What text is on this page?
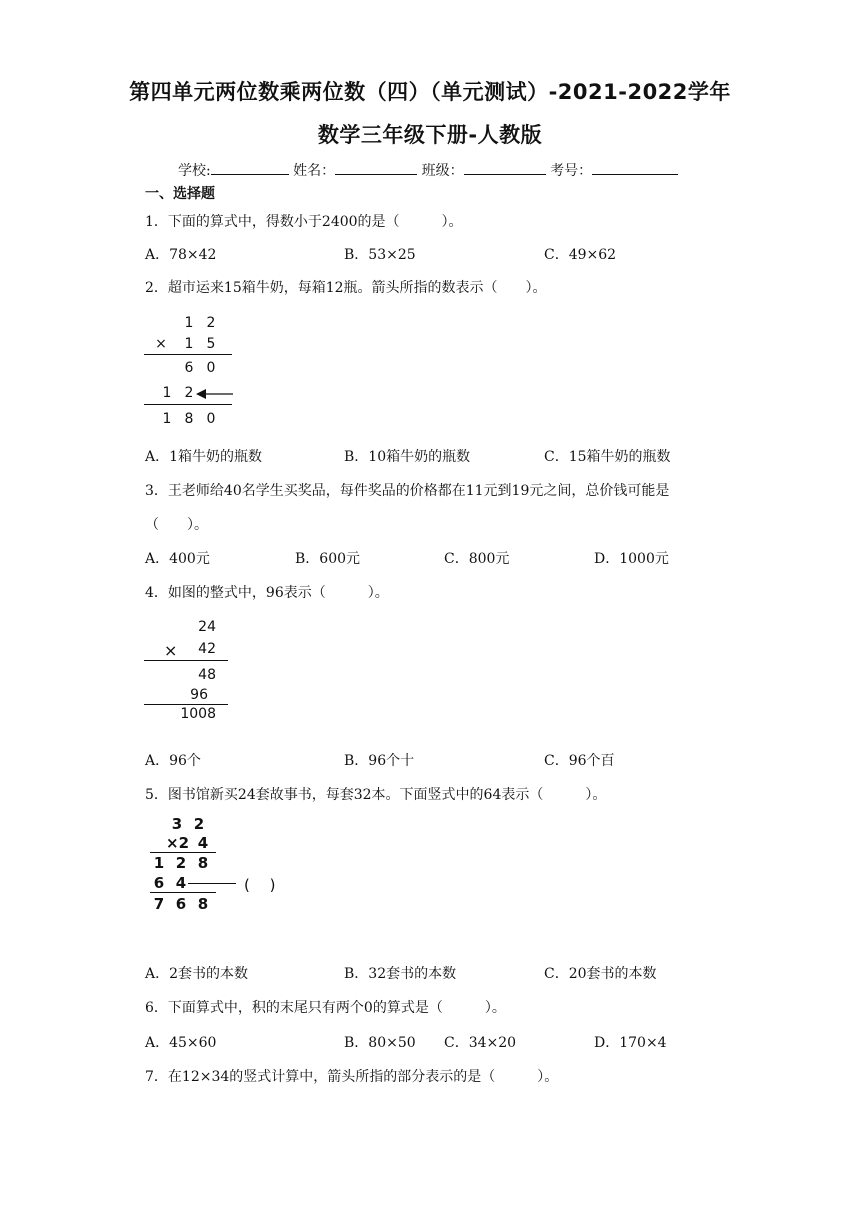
第四单元两位数乘两位数（四）（单元测试）-2021-2022学年
数学三年级下册-人教版
学校:	姓名：	班级：	考号：
一、选择题
1．下面的算式中，得数小于2400的是（　　　）。
A．78×42	B．53×25	C．49×62
2．超市运来15箱牛奶，每箱12瓶。箭头所指的数表示（　　）。
1 2
× 1 5
6 0
1 2
1 8 0
A．1箱牛奶的瓶数	B．10箱牛奶的瓶数	C．15箱牛奶的瓶数
3．王老师给40名学生买奖品，每件奖品的价格都在11元到19元之间，总价钱可能是
（　　）。
A．400元	B．600元	C．800元	D．1000元
4．如图的整式中，96表示（　　　）。
24
× 42
48
96
1008
A．96个	B．96个十	C．96个百
5．图书馆新买24套故事书，每套32本。下面竖式中的64表示（　　　）。
3 2
×2 4
1 2 8
6 4	(　 )
7 6 8
A．2套书的本数	B．32套书的本数	C．20套书的本数
6．下面算式中，积的末尾只有两个0的算式是（　　　）。
A．45×60	B．80×50 C．34×20	D．170×4
7．在12×34的竖式计算中，箭头所指的部分表示的是（　　　）。
